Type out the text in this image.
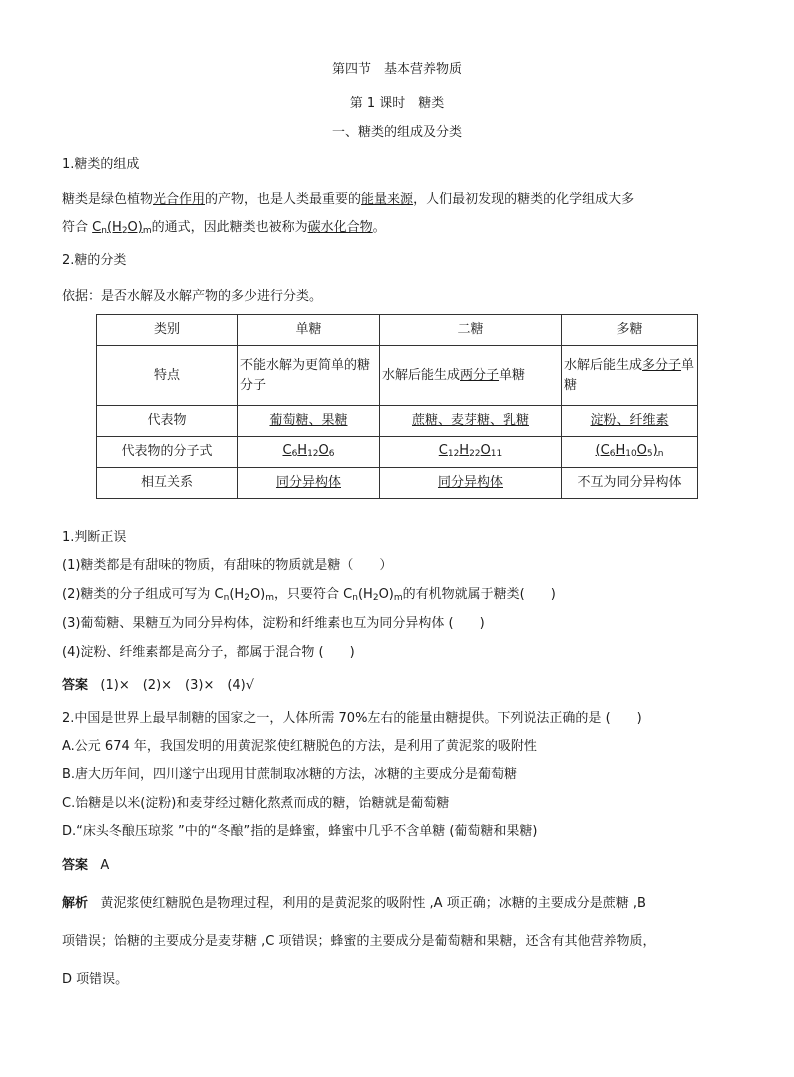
第四节　基本营养物质
第 1 课时　糖类
一、糖类的组成及分类
1.糖类的组成
糖类是绿色植物光合作用的产物，也是人类最重要的能量来源，人们最初发现的糖类的化学组成大多
符合 $C_n(H_2O)_m$的通式，因此糖类也被称为碳水化合物。
2.糖的分类
依据：是否水解及水解产物的多少进行分类。
类别	单糖	二糖	多糖
特点	不能水解为更简单的糖分子	水解后能生成两分子单糖	水解后能生成多分子单糖
代表物	葡萄糖、果糖	蔗糖、麦芽糖、乳糖	淀粉、纤维素
代表物的分子式	$C_6H_{12}O_6$	$C_{12}H_{22}O_{11}$	$(C_6H_{10}O_5)_n$
相互关系	同分异构体	同分异构体	不互为同分异构体
1.判断正误
(1)糖类都是有甜味的物质，有甜味的物质就是糖（　　）
(2)糖类的分子组成可写为 $C_n(H_2O)_m$，只要符合 $C_n(H_2O)_m$的有机物就属于糖类(　　)
(3)葡萄糖、果糖互为同分异构体，淀粉和纤维素也互为同分异构体 (　　)
(4)淀粉、纤维素都是高分子，都属于混合物 (　　)
答案 (1)×　(2)×　(3)×　(4)√
2.中国是世界上最早制糖的国家之一，人体所需 70%左右的能量由糖提供。下列说法正确的是 (　　)
A.公元 674 年，我国发明的用黄泥浆使红糖脱色的方法，是利用了黄泥浆的吸附性
B.唐大历年间，四川遂宁出现用甘蔗制取冰糖的方法，冰糖的主要成分是葡萄糖
C.饴糖是以米(淀粉)和麦芽经过糖化熬煮而成的糖，饴糖就是葡萄糖
D.“床头冬酿压琼浆 ”中的“冬酿”指的是蜂蜜，蜂蜜中几乎不含单糖 (葡萄糖和果糖)
答案 A
解析 黄泥浆使红糖脱色是物理过程，利用的是黄泥浆的吸附性 ,A 项正确；冰糖的主要成分是蔗糖 ,B
项错误；饴糖的主要成分是麦芽糖 ,C 项错误；蜂蜜的主要成分是葡萄糖和果糖，还含有其他营养物质，
D 项错误。
